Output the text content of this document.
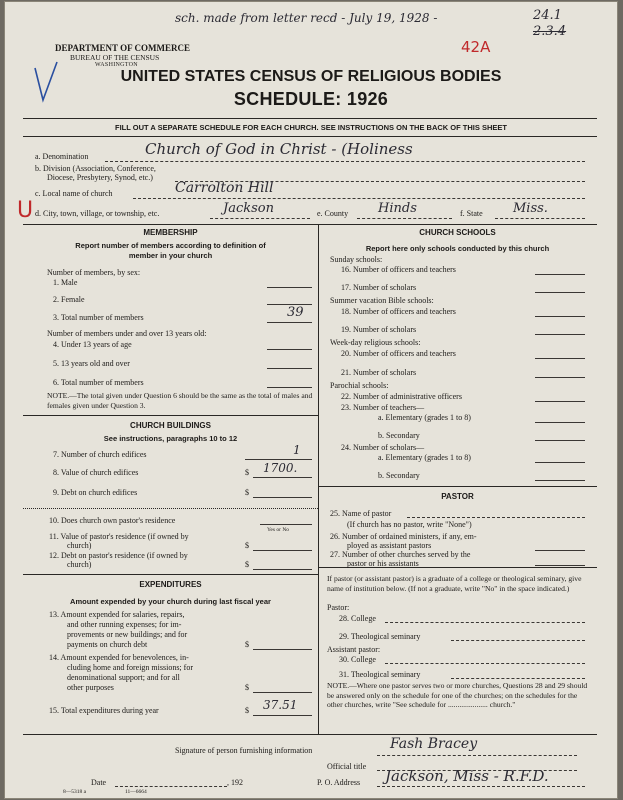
sch. made from letter recd - July 19, 1928 -	24.1
2.3.4
42A
U
DEPARTMENT OF COMMERCE
BUREAU OF THE CENSUS
WASHINGTON
UNITED STATES CENSUS OF RELIGIOUS BODIES
SCHEDULE: 1926
FILL OUT A SEPARATE SCHEDULE FOR EACH CHURCH. SEE INSTRUCTIONS ON THE BACK OF THIS SHEET
a. Denomination	Church of God in Christ - (Holiness
b. Division (Association, Conference,
Diocese, Presbytery, Synod, etc.)
c. Local name of church	Carrolton Hill
d. City, town, village, or township, etc.	Jackson	e. County Hinds	f. State Miss.
MEMBERSHIP
Report number of members according to definition of
member in your church
Number of members, by sex:
1. Male
2. Female
3. Total number of members	39
Number of members under and over 13 years old:
4. Under 13 years of age
5. 13 years old and over
6. Total number of members
NOTE.—The total given under Question 6 should be the same as the total of males and females given under Question 3.
CHURCH BUILDINGS
See instructions, paragraphs 10 to 12
7. Number of church edifices	1
8. Value of church edifices	$ 1700.
9. Debt on church edifices	$
10. Does church own pastor's residence
Yes or No
11. Value of pastor's residence (if owned by
church)	$
12. Debt on pastor's residence (if owned by
church)	$
EXPENDITURES
Amount expended by your church during last fiscal year
13. Amount expended for salaries, repairs,
and other running expenses; for im-
provements or new buildings; and for
payments on church debt	$
14. Amount expended for benevolences, in-
cluding home and foreign missions; for
denominational support; and for all
other purposes	$
15. Total expenditures during year	$ 37.51
CHURCH SCHOOLS
Report here only schools conducted by this church
Sunday schools:
16. Number of officers and teachers
17. Number of scholars
Summer vacation Bible schools:
18. Number of officers and teachers
19. Number of scholars
Week-day religious schools:
20. Number of officers and teachers
21. Number of scholars
Parochial schools:
22. Number of administrative officers
23. Number of teachers—
a. Elementary (grades 1 to 8)
b. Secondary
24. Number of scholars—
a. Elementary (grades 1 to 8)
b. Secondary
PASTOR
25. Name of pastor
(If church has no pastor, write "None")
26. Number of ordained ministers, if any, em-
ployed as assistant pastors
27. Number of other churches served by the
pastor or his assistants
If pastor (or assistant pastor) is a graduate of a college or theological seminary, give name of institution below. (If not a graduate, write "No" in the space indicated.)
Pastor:
28. College
29. Theological seminary
Assistant pastor:
30. College
31. Theological seminary
NOTE.—Where one pastor serves two or more churches, Questions 28 and 29 should be answered only on the schedule for one of the churches; on the schedules for the other churches, write "See schedule for ..................... church."
Signature of person furnishing information	Fash Bracey
Official title
Date	, 192	P. O. Address Jackson, Miss - R.F.D.
8—5318 a	11—6664
